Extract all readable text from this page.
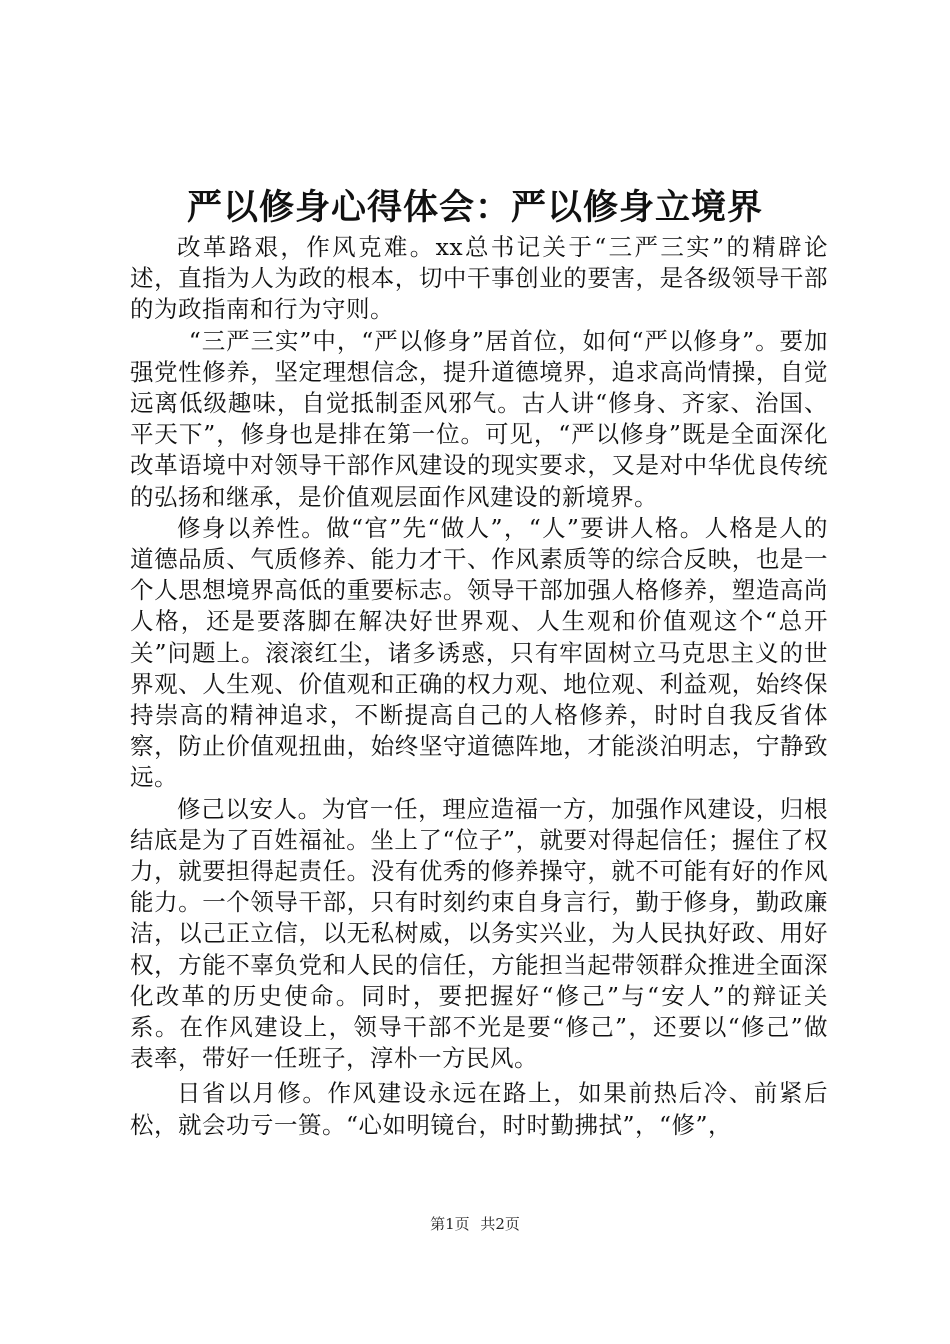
严以修身心得体会：严以修身立境界

改革路艰，作风克难。xx总书记关于“三严三实”的精辟论述，直指为人为政的根本，切中干事创业的要害，是各级领导干部的为政指南和行为守则。

“三严三实”中，“严以修身”居首位，如何“严以修身”。要加强党性修养，坚定理想信念，提升道德境界，追求高尚情操，自觉远离低级趣味，自觉抵制歪风邪气。古人讲“修身、齐家、治国、平天下”，修身也是排在第一位。可见，“严以修身”既是全面深化改革语境中对领导干部作风建设的现实要求，又是对中华优良传统的弘扬和继承，是价值观层面作风建设的新境界。

修身以养性。做“官”先“做人”，“人”要讲人格。人格是人的道德品质、气质修养、能力才干、作风素质等的综合反映，也是一个人思想境界高低的重要标志。领导干部加强人格修养，塑造高尚人格，还是要落脚在解决好世界观、人生观和价值观这个“总开关”问题上。滚滚红尘，诸多诱惑，只有牢固树立马克思主义的世界观、人生观、价值观和正确的权力观、地位观、利益观，始终保持崇高的精神追求，不断提高自己的人格修养，时时自我反省体察，防止价值观扭曲，始终坚守道德阵地，才能淡泊明志，宁静致远。

修己以安人。为官一任，理应造福一方，加强作风建设，归根结底是为了百姓福祉。坐上了“位子”，就要对得起信任；握住了权力，就要担得起责任。没有优秀的修养操守，就不可能有好的作风能力。一个领导干部，只有时刻约束自身言行，勤于修身，勤政廉洁，以己正立信，以无私树威，以务实兴业，为人民执好政、用好权，方能不辜负党和人民的信任，方能担当起带领群众推进全面深化改革的历史使命。同时，要把握好“修己”与“安人”的辩证关系。在作风建设上，领导干部不光是要“修己”，还要以“修己”做表率，带好一任班子，淳朴一方民风。

日省以月修。作风建设永远在路上，如果前热后冷、前紧后松，就会功亏一篑。“心如明镜台，时时勤拂拭”，“修”，

第1页 共2页
